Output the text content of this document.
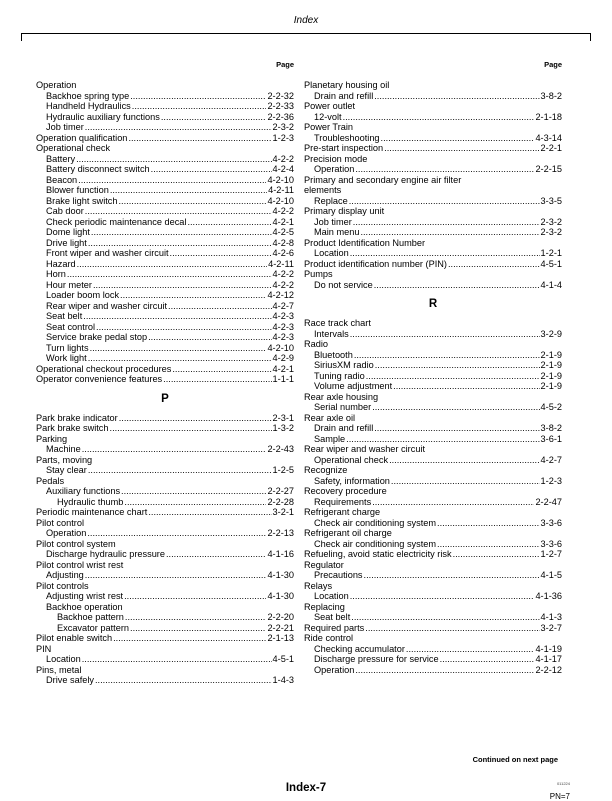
Index
Page
Operation
Backhoe spring type .....	2-2-32
Handheld Hydraulics .....	2-2-33
Hydraulic auxiliary functions .....	2-2-36
Job timer .....	2-3-2
Operation qualification .....	1-2-3
Operational check
Battery .....	4-2-2
Battery disconnect switch .....	4-2-4
Beacon .....	4-2-10
Blower function .....	4-2-11
Brake light switch .....	4-2-10
Cab door .....	4-2-2
Check periodic maintenance decal .....	4-2-1
Dome light .....	4-2-5
Drive light .....	4-2-8
Front wiper and washer circuit .....	4-2-6
Hazard .....	4-2-11
Horn .....	4-2-2
Hour meter .....	4-2-2
Loader boom lock .....	4-2-12
Rear wiper and washer circuit .....	4-2-7
Seat belt .....	4-2-3
Seat control .....	4-2-3
Service brake pedal stop .....	4-2-3
Turn lights .....	4-2-10
Work light .....	4-2-9
Operational checkout procedures .....	4-2-1
Operator convenience features .....	1-1-1
P
Park brake indicator .....	2-3-1
Park brake switch .....	1-3-2
Parking
Machine .....	2-2-43
Parts, moving
Stay clear .....	1-2-5
Pedals
Auxiliary functions .....	2-2-27
Hydraulic thumb .....	2-2-28
Periodic maintenance chart .....	3-2-1
Pilot control
Operation .....	2-2-13
Pilot control system
Discharge hydraulic pressure .....	4-1-16
Pilot control wrist rest
Adjusting .....	4-1-30
Pilot controls
Adjusting wrist rest .....	4-1-30
Backhoe operation
Backhoe pattern .....	2-2-20
Excavator pattern .....	2-2-21
Pilot enable switch .....	2-1-13
PIN
Location .....	4-5-1
Pins, metal
Drive safely .....	1-4-3
Page
Planetary housing oil
Drain and refill .....	3-8-2
Power outlet
12-volt .....	2-1-18
Power Train
Troubleshooting .....	4-3-14
Pre-start inspection .....	2-2-1
Precision mode
Operation .....	2-2-15
Primary and secondary engine air filter
elements
Replace .....	3-3-5
Primary display unit
Job timer .....	2-3-2
Main menu .....	2-3-2
Product Identification Number
Location .....	1-2-1
Product identification number (PIN) .....	4-5-1
Pumps
Do not service .....	4-1-4
R
Race track chart
Intervals .....	3-2-9
Radio
Bluetooth .....	2-1-9
SiriusXM radio .....	2-1-9
Tuning radio .....	2-1-9
Volume adjustment .....	2-1-9
Rear axle housing
Serial number .....	4-5-2
Rear axle oil
Drain and refill .....	3-8-2
Sample .....	3-6-1
Rear wiper and washer circuit
Operational check .....	4-2-7
Recognize
Safety, information .....	1-2-3
Recovery procedure
Requirements .....	2-2-47
Refrigerant charge
Check air conditioning system .....	3-3-6
Refrigerant oil charge
Check air conditioning system .....	3-3-6
Refueling, avoid static electricity risk .....	1-2-7
Regulator
Precautions .....	4-1-5
Relays
Location .....	4-1-36
Replacing
Seat belt .....	4-1-3
Required parts .....	3-2-7
Ride control
Checking accumulator .....	4-1-19
Discharge pressure for service .....	4-1-17
Operation .....	2-2-12
Continued on next page
Index-7	011224
PN=7
